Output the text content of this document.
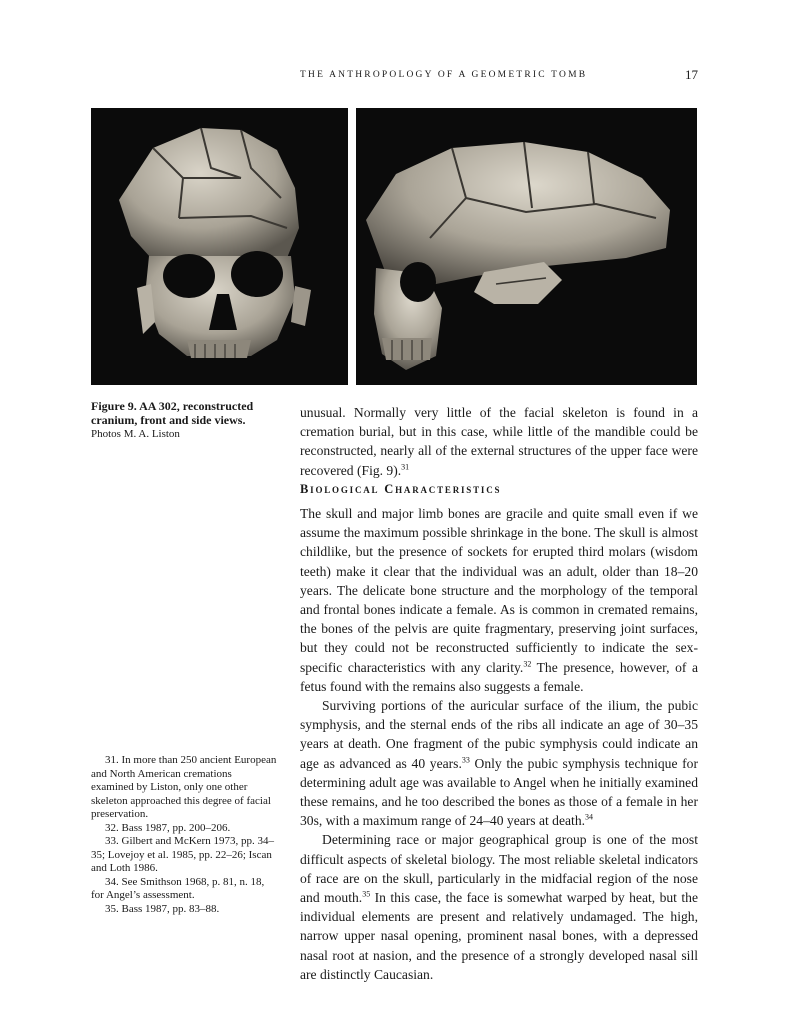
THE ANTHROPOLOGY OF A GEOMETRIC TOMB	17
Figure 9. AA 302, reconstructed cranium, front and side views.
Photos M. A. Liston

unusual. Normally very little of the facial skeleton is found in a cremation burial, but in this case, while little of the mandible could be reconstructed, nearly all of the external structures of the upper face were recovered (Fig. 9).$^{31}$

Biological Characteristics

The skull and major limb bones are gracile and quite small even if we assume the maximum possible shrinkage in the bone. The skull is almost childlike, but the presence of sockets for erupted third molars (wisdom teeth) make it clear that the individual was an adult, older than 18–20 years. The delicate bone structure and the morphology of the temporal and frontal bones indicate a female. As is common in cremated remains, the bones of the pelvis are quite fragmentary, preserving joint surfaces, but they could not be reconstructed sufficiently to indicate the sex-specific characteristics with any clarity.$^{32}$ The presence, however, of a fetus found with the remains also suggests a female.

Surviving portions of the auricular surface of the ilium, the pubic symphysis, and the sternal ends of the ribs all indicate an age of 30–35 years at death. One fragment of the pubic symphysis could indicate an age as advanced as 40 years.$^{33}$ Only the pubic symphysis technique for determining adult age was available to Angel when he initially examined these remains, and he too described the bones as those of a female in her 30s, with a maximum range of 24–40 years at death.$^{34}$

Determining race or major geographical group is one of the most difficult aspects of skeletal biology. The most reliable skeletal indicators of race are on the skull, particularly in the midfacial region of the nose and mouth.$^{35}$ In this case, the face is somewhat warped by heat, but the individual elements are present and relatively undamaged. The high, narrow upper nasal opening, prominent nasal bones, with a depressed nasal root at nasion, and the presence of a strongly developed nasal sill are distinctly Caucasian.

31. In more than 250 ancient European and North American cremations examined by Liston, only one other skeleton approached this degree of facial preservation.

32. Bass 1987, pp. 200–206.

33. Gilbert and McKern 1973, pp. 34–35; Lovejoy et al. 1985, pp. 22–26; Iscan and Loth 1986.

34. See Smithson 1968, p. 81, n. 18, for Angel’s assessment.

35. Bass 1987, pp. 83–88.
